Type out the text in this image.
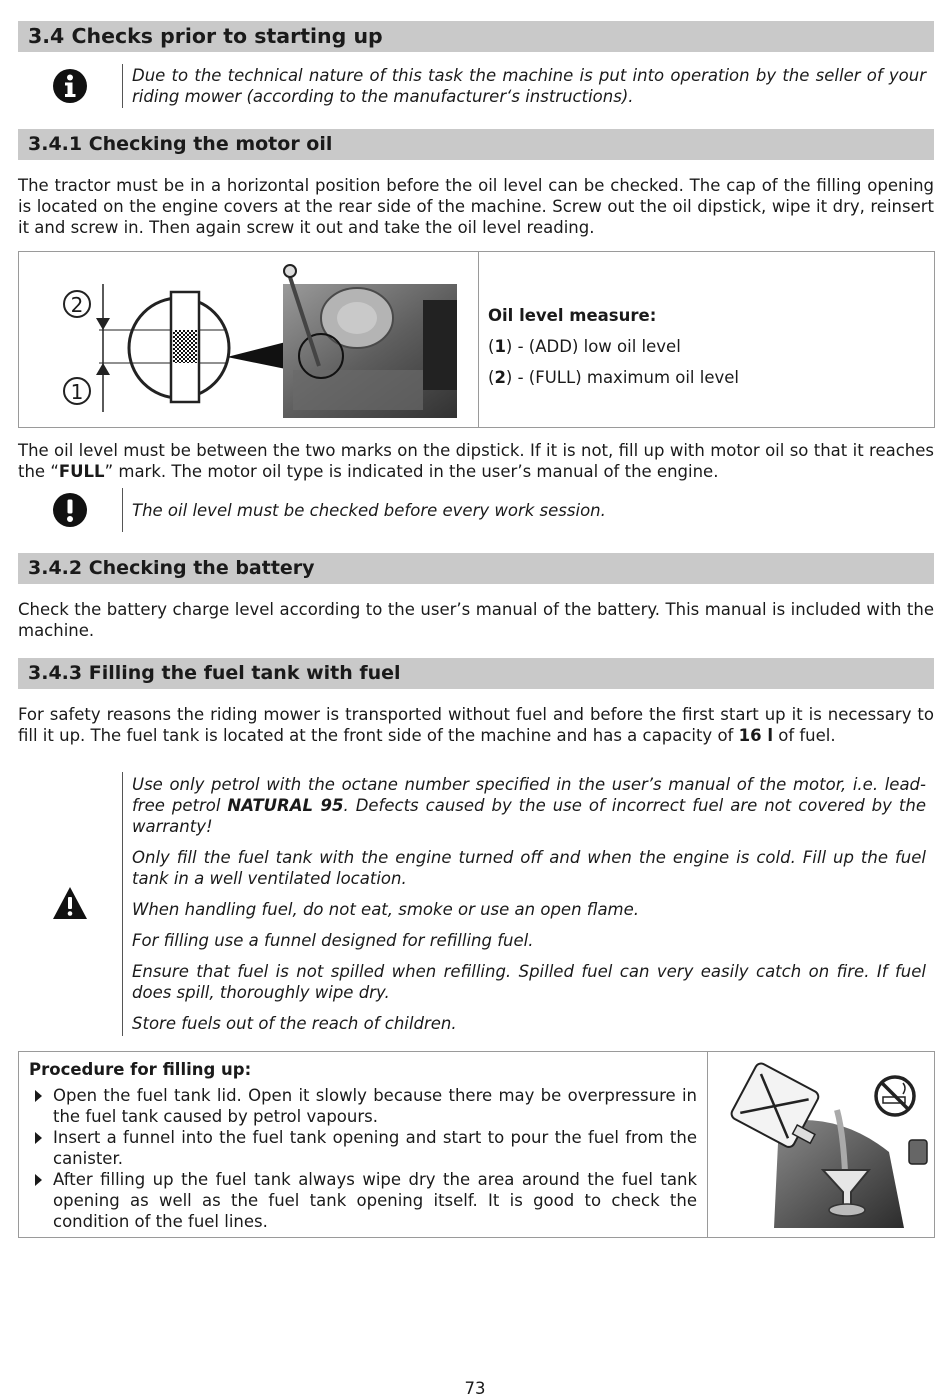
3.4 Checks prior to starting up

Due to the technical nature of this task the machine is put into operation by the seller of your riding mower (according to the manufacturer‘s instructions).

3.4.1 Checking the motor oil

The tractor must be in a horizontal position before the oil level can be checked. The cap of the filling opening is located on the engine covers at the rear side of the machine. Screw out the oil dipstick, wipe it dry, reinsert it and screw in. Then again screw it out and take the oil level reading.

2
1
Oil level measure:
(1) - (ADD) low oil level
(2) - (FULL) maximum oil level

The oil level must be between the two marks on the dipstick. If it is not, fill up with motor oil so that it reaches the “FULL” mark. The motor oil type is indicated in the user’s manual of the engine.

The oil level must be checked before every work session.

3.4.2 Checking the battery

Check the battery charge level according to the user’s manual of the battery. This manual is included with the machine.

3.4.3 Filling the fuel tank with fuel

For safety reasons the riding mower is transported without fuel and before the first start up it is necessary to fill it up. The fuel tank is located at the front side of the machine and has a capacity of 16 l of fuel.

Use only petrol with the octane number specified in the user’s manual of the motor, i.e. lead-free petrol NATURAL 95. Defects caused by the use of incorrect fuel are not covered by the warranty!

Only fill the fuel tank with the engine turned off and when the engine is cold. Fill up the fuel tank in a well ventilated location.

When handling fuel, do not eat, smoke or use an open flame.

For filling use a funnel designed for refilling fuel.

Ensure that fuel is not spilled when refilling. Spilled fuel can very easily catch on fire. If fuel does spill, thoroughly wipe dry.

Store fuels out of the reach of children.

Procedure for filling up:
Open the fuel tank lid. Open it slowly because there may be overpressure in the fuel tank caused by petrol vapours.
Insert a funnel into the fuel tank opening and start to pour the fuel from the canister.
After filling up the fuel tank always wipe dry the area around the fuel tank opening as well as the fuel tank opening itself. It is good to check the condition of the fuel lines.
73
